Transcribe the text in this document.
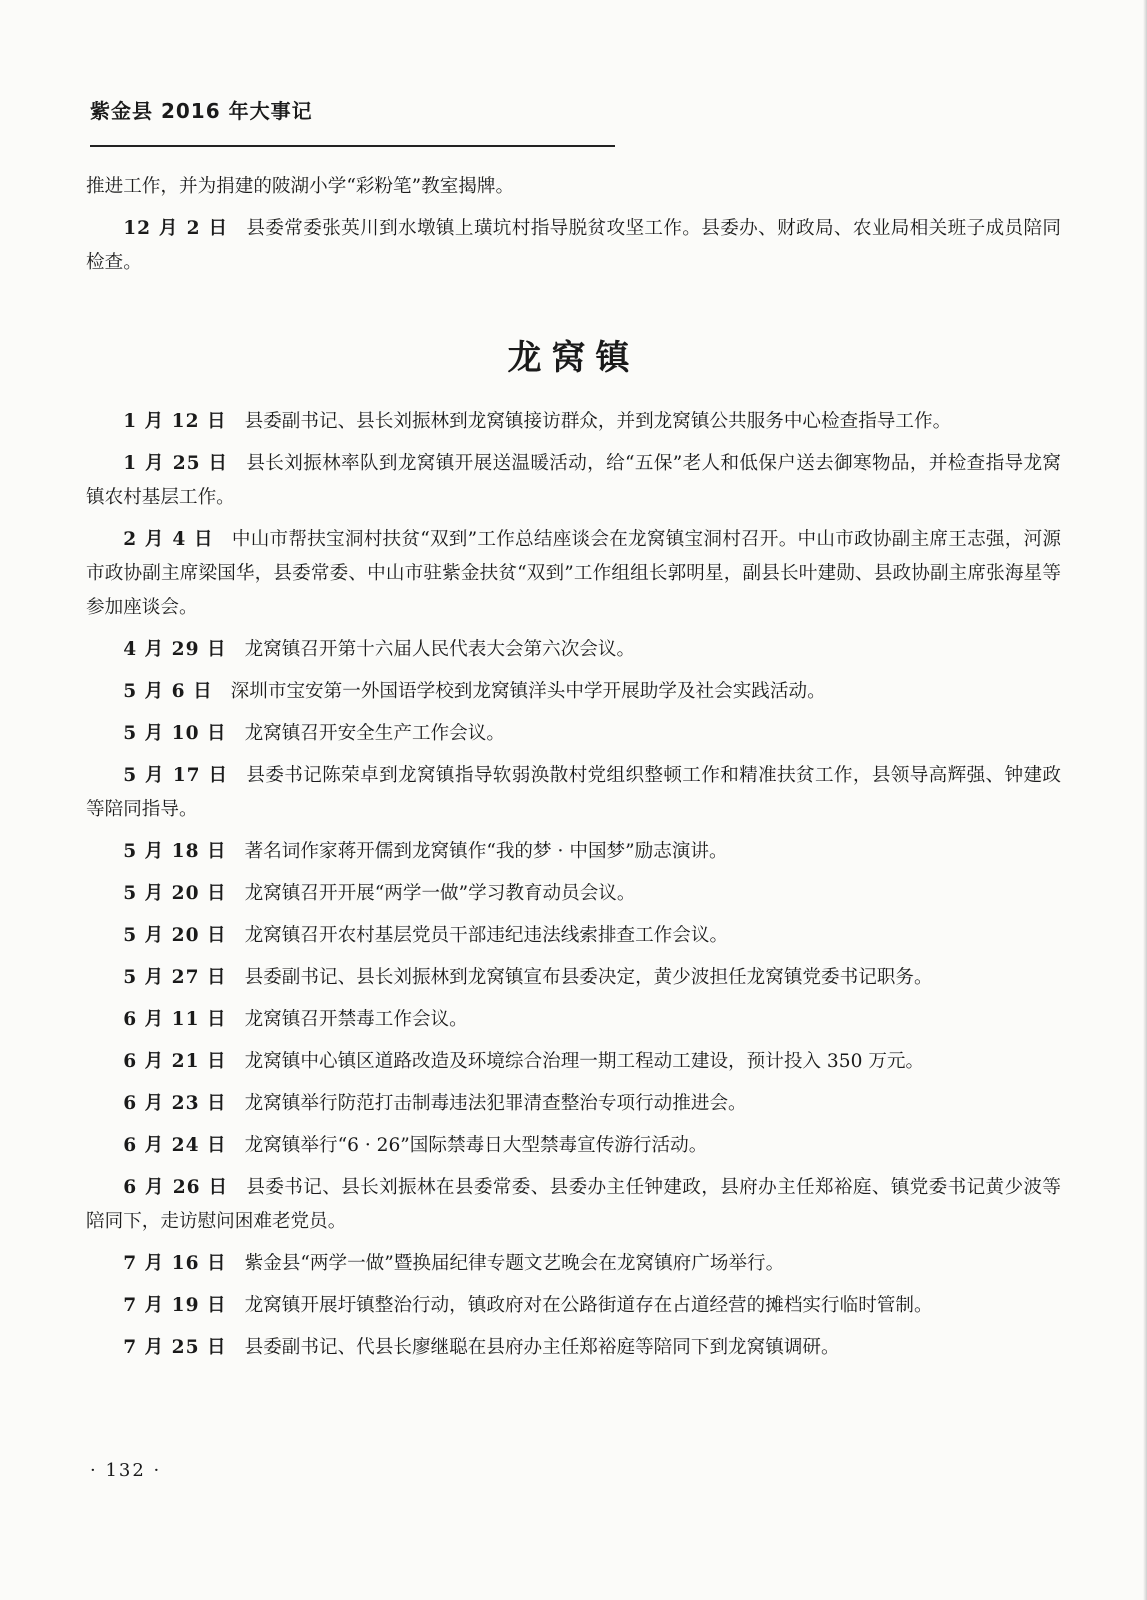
紫金县 2016 年大事记

推进工作，并为捐建的陂湖小学“彩粉笔”教室揭牌。

12 月 2 日 县委常委张英川到水墩镇上璜坑村指导脱贫攻坚工作。县委办、财政局、农业局相关班子成员陪同检查。

龙窝镇

1 月 12 日 县委副书记、县长刘振林到龙窝镇接访群众，并到龙窝镇公共服务中心检查指导工作。

1 月 25 日 县长刘振林率队到龙窝镇开展送温暖活动，给“五保”老人和低保户送去御寒物品，并检查指导龙窝镇农村基层工作。

2 月 4 日 中山市帮扶宝洞村扶贫“双到”工作总结座谈会在龙窝镇宝洞村召开。中山市政协副主席王志强，河源市政协副主席梁国华，县委常委、中山市驻紫金扶贫“双到”工作组组长郭明星，副县长叶建勋、县政协副主席张海星等参加座谈会。

4 月 29 日 龙窝镇召开第十六届人民代表大会第六次会议。

5 月 6 日 深圳市宝安第一外国语学校到龙窝镇洋头中学开展助学及社会实践活动。

5 月 10 日 龙窝镇召开安全生产工作会议。

5 月 17 日 县委书记陈荣卓到龙窝镇指导软弱涣散村党组织整顿工作和精准扶贫工作，县领导高辉强、钟建政等陪同指导。

5 月 18 日 著名词作家蒋开儒到龙窝镇作“我的梦 · 中国梦”励志演讲。

5 月 20 日 龙窝镇召开开展“两学一做”学习教育动员会议。

5 月 20 日 龙窝镇召开农村基层党员干部违纪违法线索排查工作会议。

5 月 27 日 县委副书记、县长刘振林到龙窝镇宣布县委决定，黄少波担任龙窝镇党委书记职务。

6 月 11 日 龙窝镇召开禁毒工作会议。

6 月 21 日 龙窝镇中心镇区道路改造及环境综合治理一期工程动工建设，预计投入 350 万元。

6 月 23 日 龙窝镇举行防范打击制毒违法犯罪清查整治专项行动推进会。

6 月 24 日 龙窝镇举行“6 · 26”国际禁毒日大型禁毒宣传游行活动。

6 月 26 日 县委书记、县长刘振林在县委常委、县委办主任钟建政，县府办主任郑裕庭、镇党委书记黄少波等陪同下，走访慰问困难老党员。

7 月 16 日 紫金县“两学一做”暨换届纪律专题文艺晚会在龙窝镇府广场举行。

7 月 19 日 龙窝镇开展圩镇整治行动，镇政府对在公路街道存在占道经营的摊档实行临时管制。

7 月 25 日 县委副书记、代县长廖继聪在县府办主任郑裕庭等陪同下到龙窝镇调研。

· 132 ·
